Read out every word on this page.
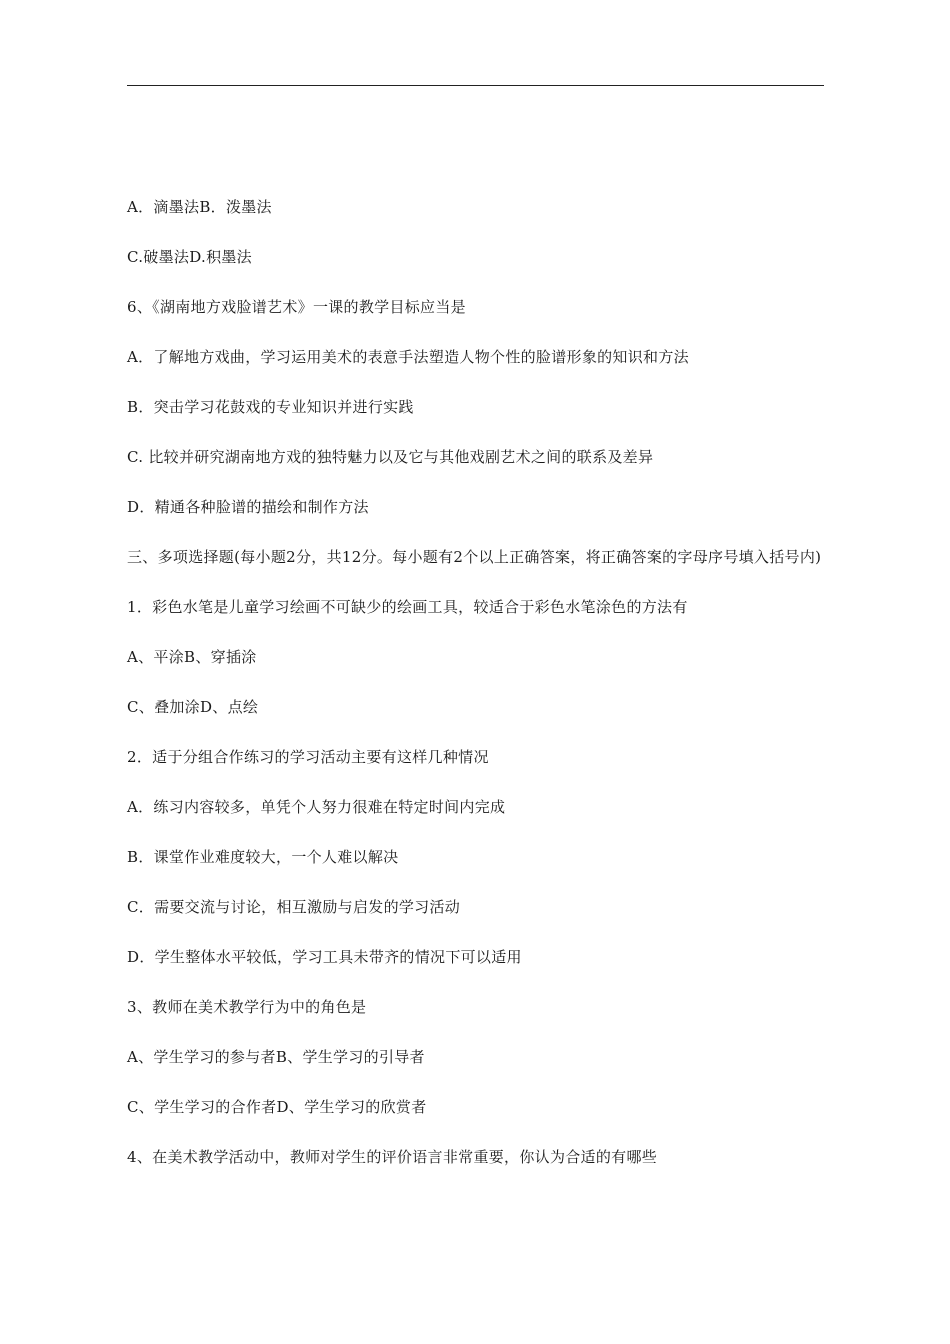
A．滴墨法B．泼墨法

C.破墨法D.积墨法

6、《湖南地方戏脸谱艺术》一课的教学目标应当是

A．了解地方戏曲，学习运用美术的表意手法塑造人物个性的脸谱形象的知识和方法

B．突击学习花鼓戏的专业知识并进行实践

C. 比较并研究湖南地方戏的独特魅力以及它与其他戏剧艺术之间的联系及差异

D．精通各种脸谱的描绘和制作方法

三、多项选择题(每小题2分，共12分。每小题有2个以上正确答案，将正确答案的字母序号填入括号内)

1．彩色水笔是儿童学习绘画不可缺少的绘画工具，较适合于彩色水笔涂色的方法有

A、平涂B、穿插涂

C、叠加涂D、点绘

2．适于分组合作练习的学习活动主要有这样几种情况

A．练习内容较多，单凭个人努力很难在特定时间内完成

B．课堂作业难度较大，一个人难以解决

C．需要交流与讨论，相互激励与启发的学习活动

D．学生整体水平较低，学习工具未带齐的情况下可以适用

3、教师在美术教学行为中的角色是

A、学生学习的参与者B、学生学习的引导者

C、学生学习的合作者D、学生学习的欣赏者

4、在美术教学活动中，教师对学生的评价语言非常重要，你认为合适的有哪些
